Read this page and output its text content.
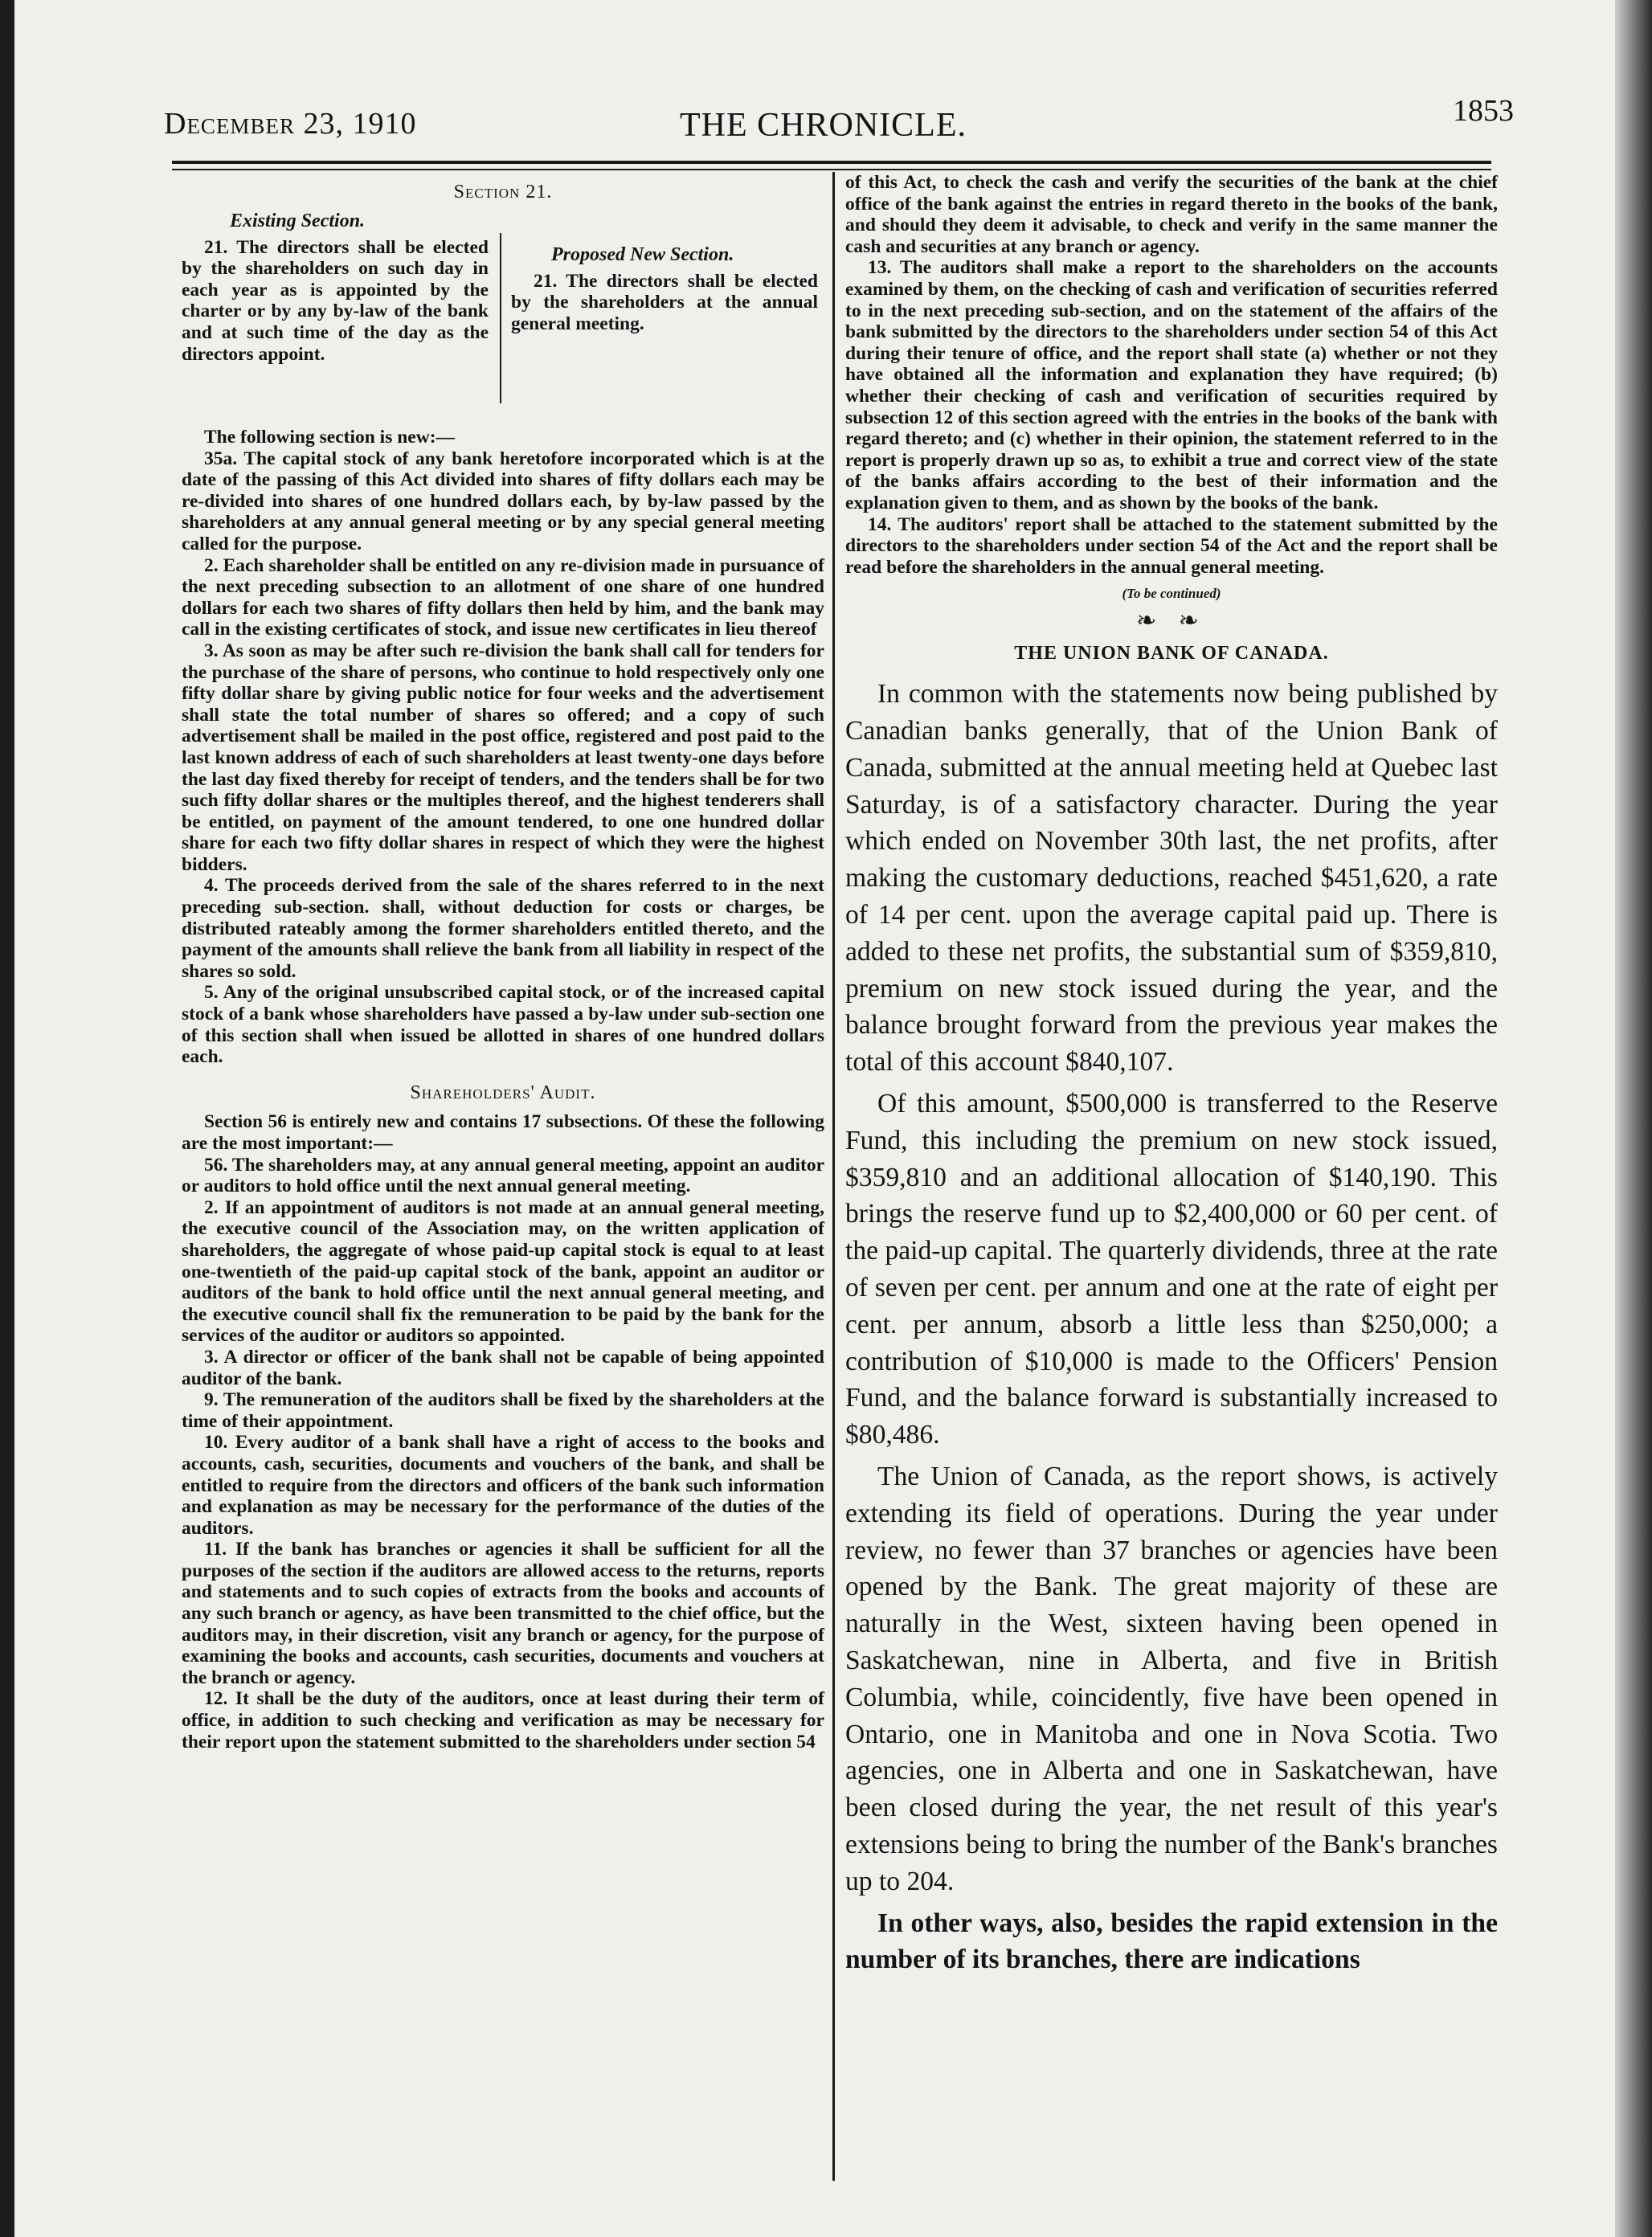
December 23, 1910	THE CHRONICLE.	1853
Section 21.
Existing Section.

21. The directors shall be elected by the shareholders on such day in each year as is appointed by the charter or by any by-law of the bank and at such time of the day as the directors appoint.

Proposed New Section.

21. The directors shall be elected by the shareholders at the annual general meeting.

The following section is new:—

35a. The capital stock of any bank heretofore incorporated which is at the date of the passing of this Act divided into shares of fifty dollars each may be re-divided into shares of one hundred dollars each, by by-law passed by the shareholders at any annual general meeting or by any special general meeting called for the purpose.

2. Each shareholder shall be entitled on any re-division made in pursuance of the next preceding subsection to an allotment of one share of one hundred dollars for each two shares of fifty dollars then held by him, and the bank may call in the existing certificates of stock, and issue new certificates in lieu thereof

3. As soon as may be after such re-division the bank shall call for tenders for the purchase of the share of persons, who continue to hold respectively only one fifty dollar share by giving public notice for four weeks and the advertisement shall state the total number of shares so offered; and a copy of such advertisement shall be mailed in the post office, registered and post paid to the last known address of each of such shareholders at least twenty-one days before the last day fixed thereby for receipt of tenders, and the tenders shall be for two such fifty dollar shares or the multiples thereof, and the highest tenderers shall be entitled, on payment of the amount tendered, to one one hundred dollar share for each two fifty dollar shares in respect of which they were the highest bidders.

4. The proceeds derived from the sale of the shares referred to in the next preceding sub-section. shall, without deduction for costs or charges, be distributed rateably among the former shareholders entitled thereto, and the payment of the amounts shall relieve the bank from all liability in respect of the shares so sold.

5. Any of the original unsubscribed capital stock, or of the increased capital stock of a bank whose shareholders have passed a by-law under sub-section one of this section shall when issued be allotted in shares of one hundred dollars each.

Shareholders' Audit.

Section 56 is entirely new and contains 17 subsections. Of these the following are the most important:—

56. The shareholders may, at any annual general meeting, appoint an auditor or auditors to hold office until the next annual general meeting.

2. If an appointment of auditors is not made at an annual general meeting, the executive council of the Association may, on the written application of shareholders, the aggregate of whose paid-up capital stock is equal to at least one-twentieth of the paid-up capital stock of the bank, appoint an auditor or auditors of the bank to hold office until the next annual general meeting, and the executive council shall fix the remuneration to be paid by the bank for the services of the auditor or auditors so appointed.

3. A director or officer of the bank shall not be capable of being appointed auditor of the bank.

9. The remuneration of the auditors shall be fixed by the shareholders at the time of their appointment.

10. Every auditor of a bank shall have a right of access to the books and accounts, cash, securities, documents and vouchers of the bank, and shall be entitled to require from the directors and officers of the bank such information and explanation as may be necessary for the performance of the duties of the auditors.

11. If the bank has branches or agencies it shall be sufficient for all the purposes of the section if the auditors are allowed access to the returns, reports and statements and to such copies of extracts from the books and accounts of any such branch or agency, as have been transmitted to the chief office, but the auditors may, in their discretion, visit any branch or agency, for the purpose of examining the books and accounts, cash securities, documents and vouchers at the branch or agency.

12. It shall be the duty of the auditors, once at least during their term of office, in addition to such checking and verification as may be necessary for their report upon the statement submitted to the shareholders under section 54

of this Act, to check the cash and verify the securities of the bank at the chief office of the bank against the entries in regard thereto in the books of the bank, and should they deem it advisable, to check and verify in the same manner the cash and securities at any branch or agency.

13. The auditors shall make a report to the shareholders on the accounts examined by them, on the checking of cash and verification of securities referred to in the next preceding sub-section, and on the statement of the affairs of the bank submitted by the directors to the shareholders under section 54 of this Act during their tenure of office, and the report shall state (a) whether or not they have obtained all the information and explanation they have required; (b) whether their checking of cash and verification of securities required by subsection 12 of this section agreed with the entries in the books of the bank with regard thereto; and (c) whether in their opinion, the statement referred to in the report is properly drawn up so as, to exhibit a true and correct view of the state of the banks affairs according to the best of their information and the explanation given to them, and as shown by the books of the bank.

14. The auditors' report shall be attached to the statement submitted by the directors to the shareholders under section 54 of the Act and the report shall be read before the shareholders in the annual general meeting.

(To be continued)
❧ ❧
THE UNION BANK OF CANADA.

In common with the statements now being published by Canadian banks generally, that of the Union Bank of Canada, submitted at the annual meeting held at Quebec last Saturday, is of a satisfactory character. During the year which ended on November 30th last, the net profits, after making the customary deductions, reached $451,620, a rate of 14 per cent. upon the average capital paid up. There is added to these net profits, the substantial sum of $359,810, premium on new stock issued during the year, and the balance brought forward from the previous year makes the total of this account $840,107.

Of this amount, $500,000 is transferred to the Reserve Fund, this including the premium on new stock issued, $359,810 and an additional allocation of $140,190. This brings the reserve fund up to $2,400,000 or 60 per cent. of the paid-up capital. The quarterly dividends, three at the rate of seven per cent. per annum and one at the rate of eight per cent. per annum, absorb a little less than $250,000; a contribution of $10,000 is made to the Officers' Pension Fund, and the balance forward is substantially increased to $80,486.

The Union of Canada, as the report shows, is actively extending its field of operations. During the year under review, no fewer than 37 branches or agencies have been opened by the Bank. The great majority of these are naturally in the West, sixteen having been opened in Saskatchewan, nine in Alberta, and five in British Columbia, while, coincidently, five have been opened in Ontario, one in Manitoba and one in Nova Scotia. Two agencies, one in Alberta and one in Saskatchewan, have been closed during the year, the net result of this year's extensions being to bring the number of the Bank's branches up to 204.

In other ways, also, besides the rapid extension in the number of its branches, there are indications
